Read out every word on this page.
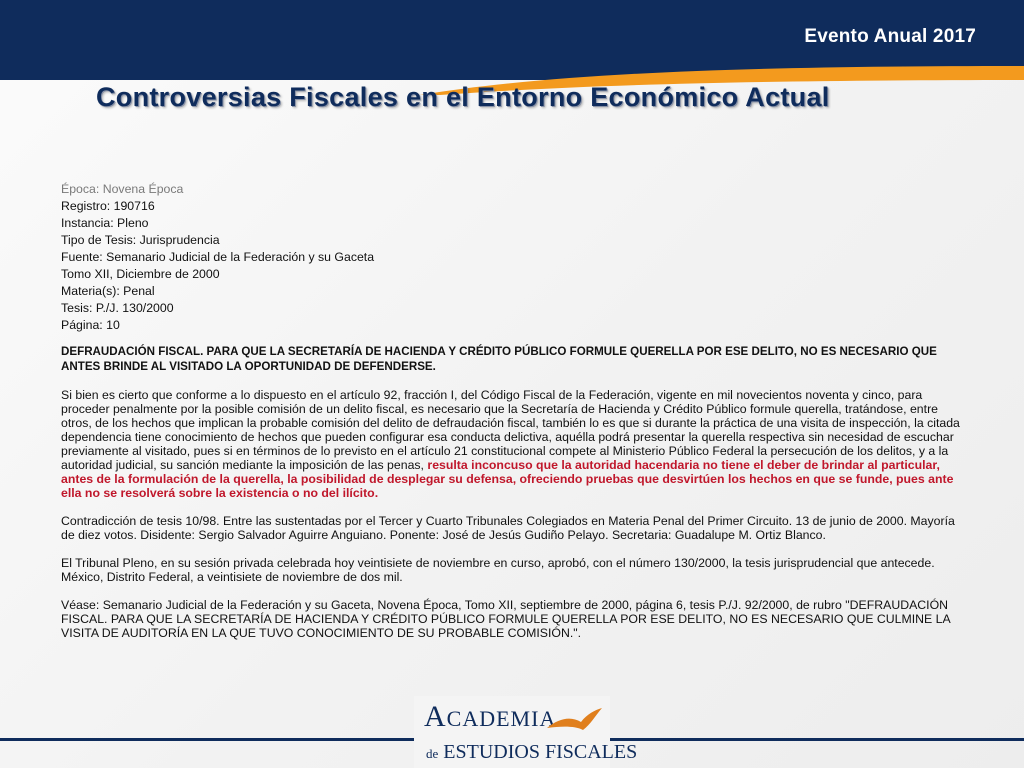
Evento Anual 2017
Controversias Fiscales en el Entorno Económico Actual
Época: Novena Época
Registro: 190716
Instancia: Pleno
Tipo de Tesis: Jurisprudencia
Fuente: Semanario Judicial de la Federación y su Gaceta
Tomo XII, Diciembre de 2000
Materia(s): Penal
Tesis: P./J. 130/2000
Página: 10

DEFRAUDACIÓN FISCAL. PARA QUE LA SECRETARÍA DE HACIENDA Y CRÉDITO PÚBLICO FORMULE QUERELLA POR ESE DELITO, NO ES NECESARIO QUE ANTES BRINDE AL VISITADO LA OPORTUNIDAD DE DEFENDERSE.

Si bien es cierto que conforme a lo dispuesto en el artículo 92, fracción I, del Código Fiscal de la Federación, vigente en mil novecientos noventa y cinco, para proceder penalmente por la posible comisión de un delito fiscal, es necesario que la Secretaría de Hacienda y Crédito Público formule querella, tratándose, entre otros, de los hechos que implican la probable comisión del delito de defraudación fiscal, también lo es que si durante la práctica de una visita de inspección, la citada dependencia tiene conocimiento de hechos que pueden configurar esa conducta delictiva, aquélla podrá presentar la querella respectiva sin necesidad de escuchar previamente al visitado, pues si en términos de lo previsto en el artículo 21 constitucional compete al Ministerio Público Federal la persecución de los delitos, y a la autoridad judicial, su sanción mediante la imposición de las penas, resulta inconcuso que la autoridad hacendaria no tiene el deber de brindar al particular, antes de la formulación de la querella, la posibilidad de desplegar su defensa, ofreciendo pruebas que desvirtúen los hechos en que se funde, pues ante ella no se resolverá sobre la existencia o no del ilícito.

Contradicción de tesis 10/98. Entre las sustentadas por el Tercer y Cuarto Tribunales Colegiados en Materia Penal del Primer Circuito. 13 de junio de 2000. Mayoría de diez votos. Disidente: Sergio Salvador Aguirre Anguiano. Ponente: José de Jesús Gudiño Pelayo. Secretaria: Guadalupe M. Ortiz Blanco.

El Tribunal Pleno, en su sesión privada celebrada hoy veintisiete de noviembre en curso, aprobó, con el número 130/2000, la tesis jurisprudencial que antecede. México, Distrito Federal, a veintisiete de noviembre de dos mil.

Véase: Semanario Judicial de la Federación y su Gaceta, Novena Época, Tomo XII, septiembre de 2000, página 6, tesis P./J. 92/2000, de rubro "DEFRAUDACIÓN FISCAL. PARA QUE LA SECRETARÍA DE HACIENDA Y CRÉDITO PÚBLICO FORMULE QUERELLA POR ESE DELITO, NO ES NECESARIO QUE CULMINE LA VISITA DE AUDITORÍA EN LA QUE TUVO CONOCIMIENTO DE SU PROBABLE COMISIÓN.".

ACADEMIA
de ESTUDIOS FISCALES
